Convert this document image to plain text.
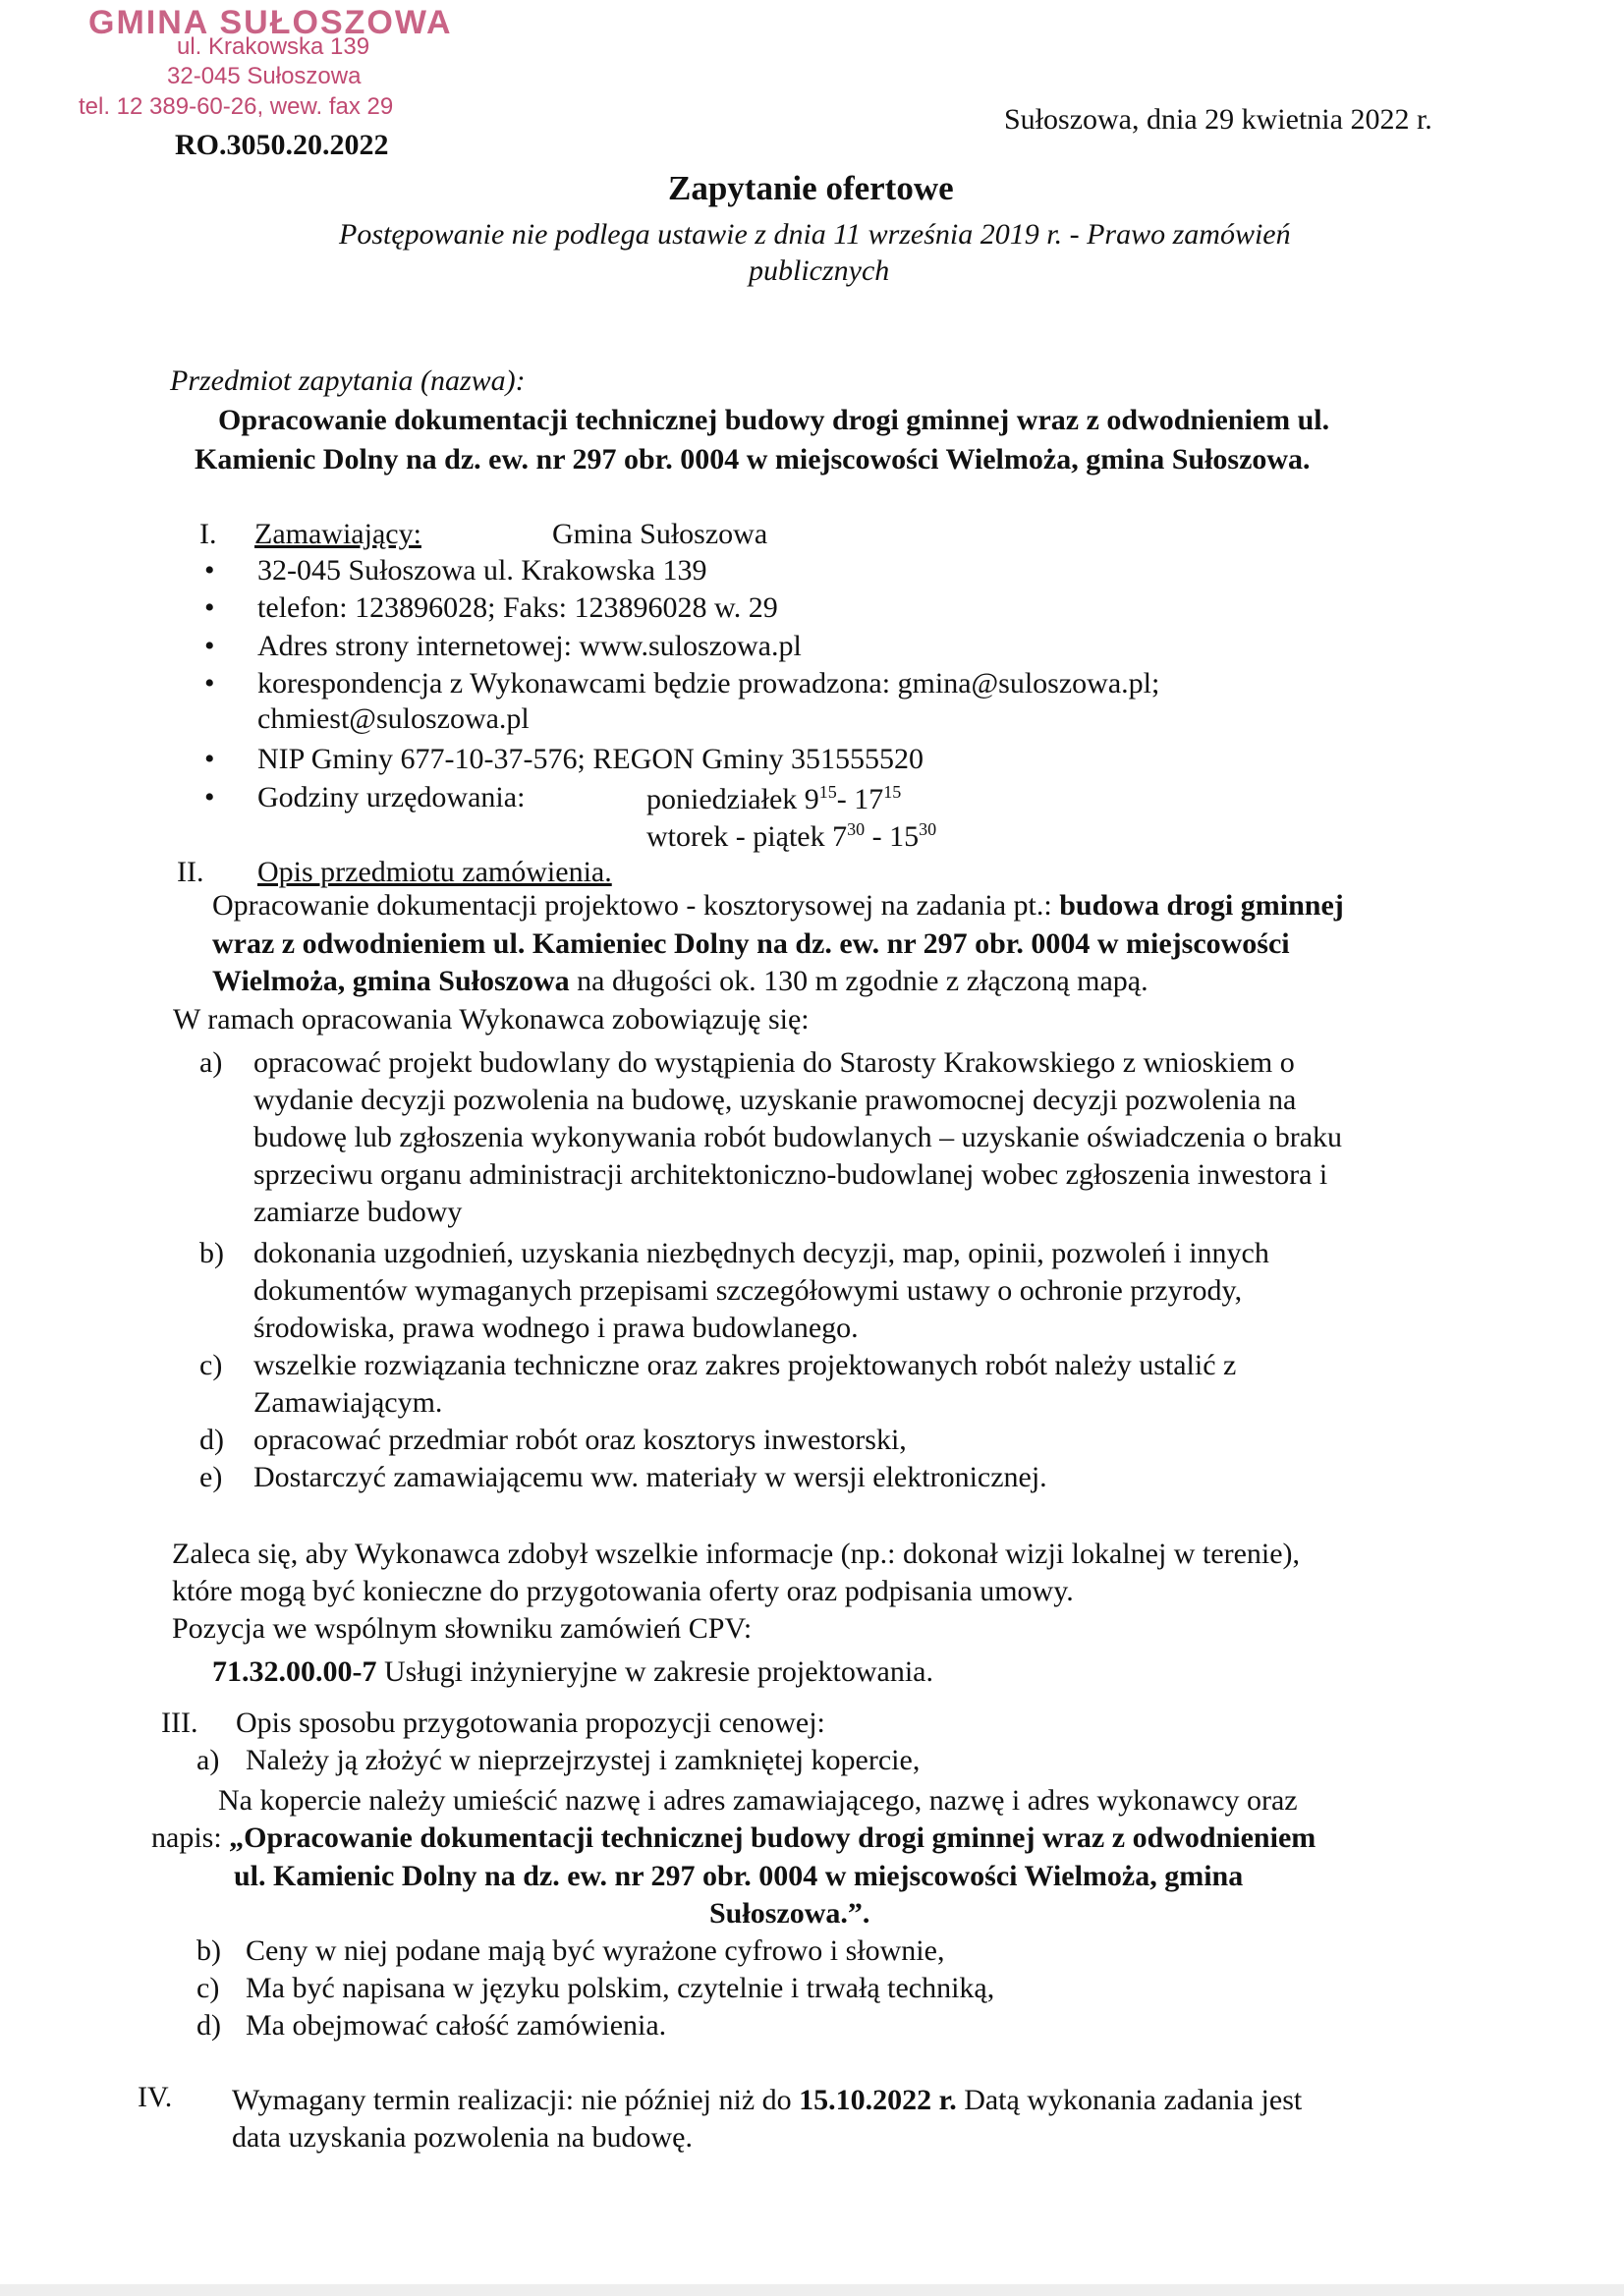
GMINA SUŁOSZOWA
ul. Krakowska 139
32-045 Sułoszowa
tel. 12 389-60-26, wew. fax 29
RO.3050.20.2022
Sułoszowa, dnia 29 kwietnia 2022 r.
Zapytanie ofertowe
Postępowanie nie podlega ustawie z dnia 11 września 2019 r. - Prawo zamówień
publicznych
Przedmiot zapytania (nazwa):
Opracowanie dokumentacji technicznej budowy drogi gminnej wraz z odwodnieniem ul.
Kamienic Dolny na dz. ew. nr 297 obr. 0004 w miejscowości Wielmoża, gmina Sułoszowa.
I. Zamawiający:	Gmina Sułoszowa
• 32-045 Sułoszowa ul. Krakowska 139
• telefon: 123896028; Faks: 123896028 w. 29
• Adres strony internetowej: www.suloszowa.pl
• korespondencja z Wykonawcami będzie prowadzona: gmina@suloszowa.pl;
chmiest@suloszowa.pl
• NIP Gminy 677-10-37-576; REGON Gminy 351555520
• Godziny urzędowania:	poniedziałek $9^{15}-$ $17^{15}$
wtorek - piątek $7^{30} - 15^{30}$
II. Opis przedmiotu zamówienia.
Opracowanie dokumentacji projektowo - kosztorysowej na zadania pt.: budowa drogi gminnej
wraz z odwodnieniem ul. Kamieniec Dolny na dz. ew. nr 297 obr. 0004 w miejscowości
Wielmoża, gmina Sułoszowa na długości ok. 130 m zgodnie z złączoną mapą.
W ramach opracowania Wykonawca zobowiązuję się:
a) opracować projekt budowlany do wystąpienia do Starosty Krakowskiego z wnioskiem o
wydanie decyzji pozwolenia na budowę, uzyskanie prawomocnej decyzji pozwolenia na
budowę lub zgłoszenia wykonywania robót budowlanych – uzyskanie oświadczenia o braku
sprzeciwu organu administracji architektoniczno-budowlanej wobec zgłoszenia inwestora i
zamiarze budowy
b) dokonania uzgodnień, uzyskania niezbędnych decyzji, map, opinii, pozwoleń i innych
dokumentów wymaganych przepisami szczegółowymi ustawy o ochronie przyrody,
środowiska, prawa wodnego i prawa budowlanego.
c) wszelkie rozwiązania techniczne oraz zakres projektowanych robót należy ustalić z
Zamawiającym.
d) opracować przedmiar robót oraz kosztorys inwestorski,
e) Dostarczyć zamawiającemu ww. materiały w wersji elektronicznej.
Zaleca się, aby Wykonawca zdobył wszelkie informacje (np.: dokonał wizji lokalnej w terenie),
które mogą być konieczne do przygotowania oferty oraz podpisania umowy.
Pozycja we wspólnym słowniku zamówień CPV:
71.32.00.00-7 Usługi inżynieryjne w zakresie projektowania.
III. Opis sposobu przygotowania propozycji cenowej:
a) Należy ją złożyć w nieprzejrzystej i zamkniętej kopercie,
Na kopercie należy umieścić nazwę i adres zamawiającego, nazwę i adres wykonawcy oraz
napis: „Opracowanie dokumentacji technicznej budowy drogi gminnej wraz z odwodnieniem
ul. Kamienic Dolny na dz. ew. nr 297 obr. 0004 w miejscowości Wielmoża, gmina
Sułoszowa.”.
b) Ceny w niej podane mają być wyrażone cyfrowo i słownie,
c) Ma być napisana w języku polskim, czytelnie i trwałą techniką,
d) Ma obejmować całość zamówienia.
IV. Wymagany termin realizacji: nie później niż do 15.10.2022 r. Datą wykonania zadania jest
data uzyskania pozwolenia na budowę.
